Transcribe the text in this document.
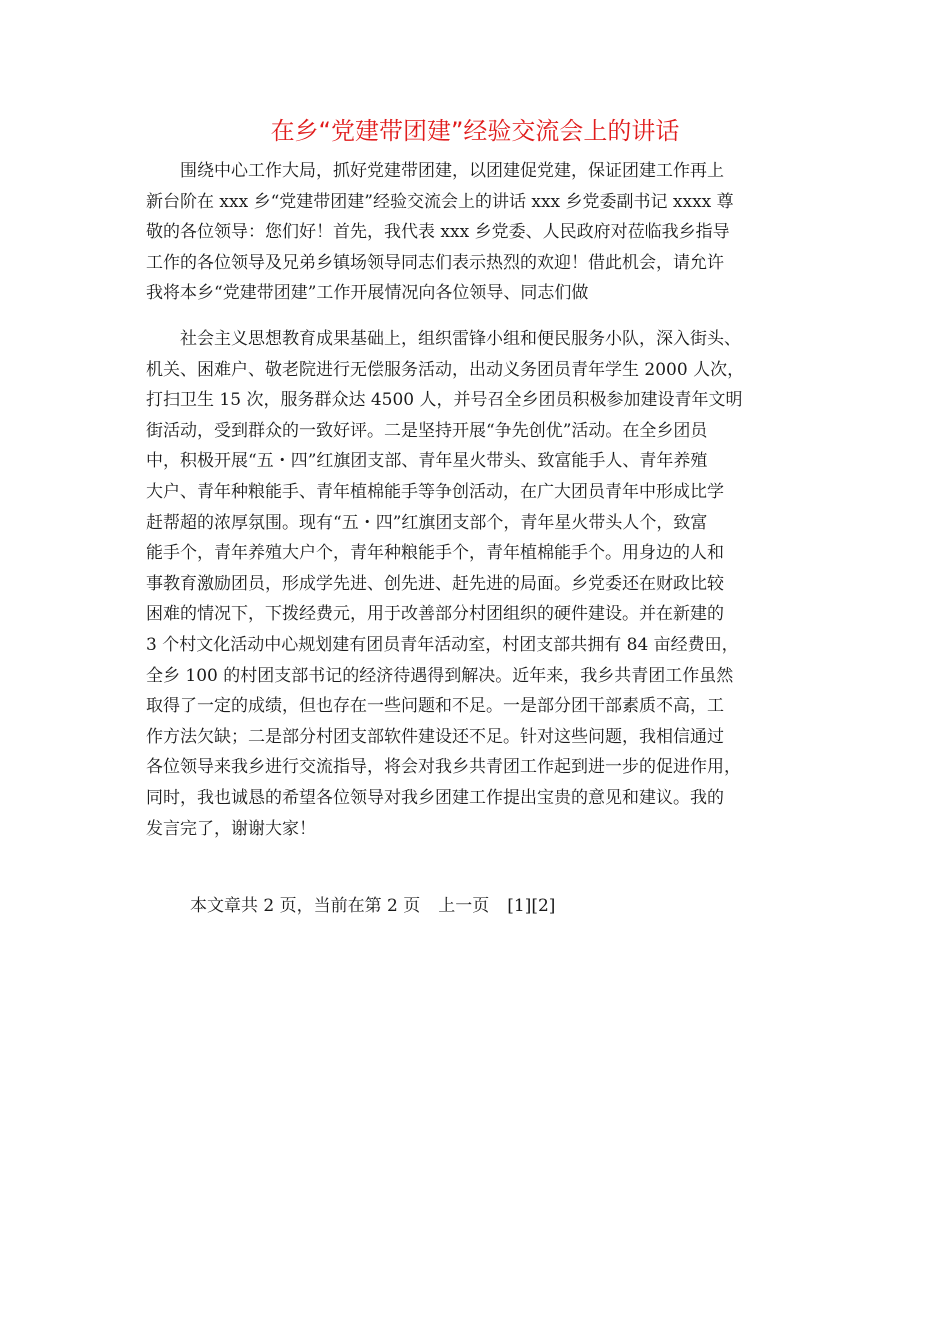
在乡“党建带团建”经验交流会上的讲话
　　围绕中心工作大局，抓好党建带团建，以团建促党建，保证团建工作再上
新台阶在 xxx 乡“党建带团建”经验交流会上的讲话 xxx 乡党委副书记 xxxx 尊
敬的各位领导：您们好！首先，我代表 xxx 乡党委、人民政府对莅临我乡指导
工作的各位领导及兄弟乡镇场领导同志们表示热烈的欢迎！借此机会，请允许
我将本乡“党建带团建”工作开展情况向各位领导、同志们做
　　社会主义思想教育成果基础上，组织雷锋小组和便民服务小队，深入街头、
机关、困难户、敬老院进行无偿服务活动，出动义务团员青年学生 2000 人次，
打扫卫生 15 次，服务群众达 4500 人，并号召全乡团员积极参加建设青年文明
街活动，受到群众的一致好评。二是坚持开展“争先创优”活动。在全乡团员
中，积极开展“五・四”红旗团支部、青年星火带头、致富能手人、青年养殖
大户、青年种粮能手、青年植棉能手等争创活动，在广大团员青年中形成比学
赶帮超的浓厚氛围。现有“五・四”红旗团支部个，青年星火带头人个，致富
能手个，青年养殖大户个，青年种粮能手个，青年植棉能手个。用身边的人和
事教育激励团员，形成学先进、创先进、赶先进的局面。乡党委还在财政比较
困难的情况下，下拨经费元，用于改善部分村团组织的硬件建设。并在新建的
3 个村文化活动中心规划建有团员青年活动室，村团支部共拥有 84 亩经费田，
全乡 100 的村团支部书记的经济待遇得到解决。近年来，我乡共青团工作虽然
取得了一定的成绩，但也存在一些问题和不足。一是部分团干部素质不高，工
作方法欠缺；二是部分村团支部软件建设还不足。针对这些问题，我相信通过
各位领导来我乡进行交流指导，将会对我乡共青团工作起到进一步的促进作用，
同时，我也诚恳的希望各位领导对我乡团建工作提出宝贵的意见和建议。我的
发言完了，谢谢大家！
本文章共 2 页，当前在第 2 页 上一页 [1][2]
